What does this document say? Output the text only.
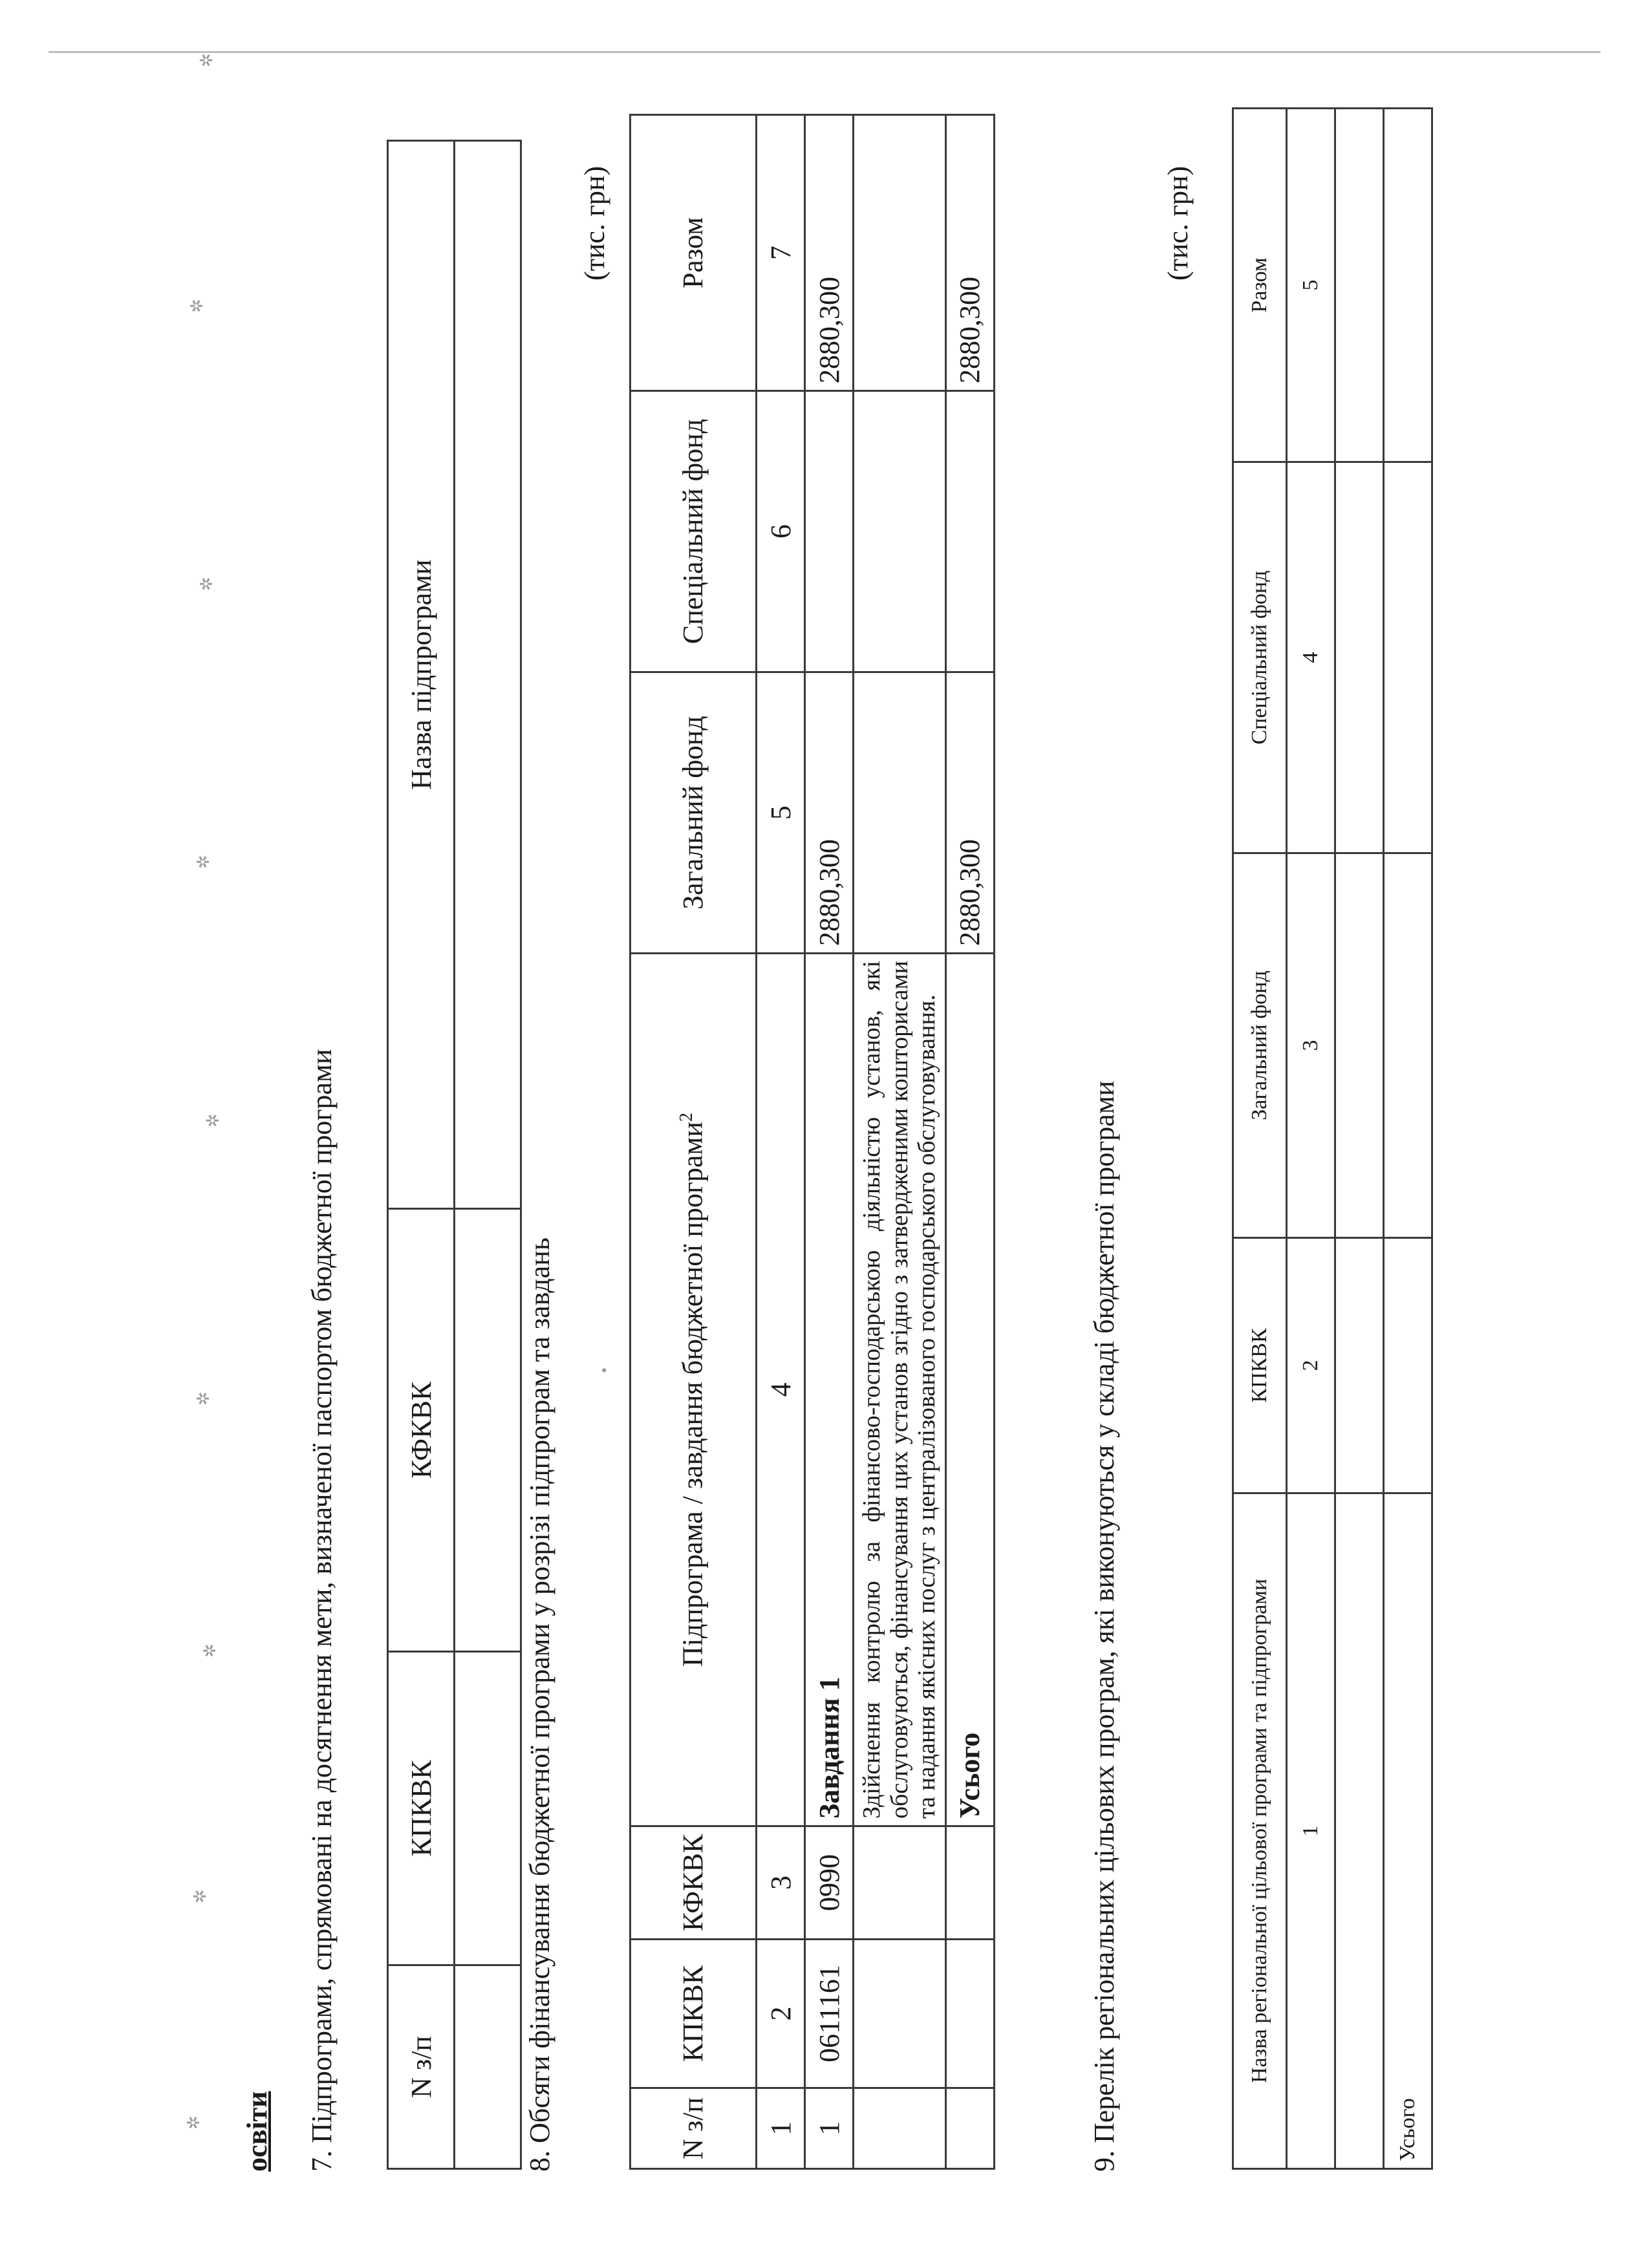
освіти 7. Підпрограми, спрямовані на досягнення мети, визначеної паспортом бюджетної програми N з/п	КПКВК	КФКВК	Назва підпрограми

8. Обсяги фінансування бюджетної програми у розрізі підпрограм та завдань
(тис. грн)
N з/п	КПКВК	КФКВК	Підпрограма / завдання бюджетної програми$^2$	Загальний фонд	Спеціальний фонд	Разом
1	2	3	4	5	6	7
1	0611161	0990	Завдання 1	2880,300		2880,300
			Здійснення контролю за фінансово-господарською діяльністю установ, які обслуговуються, фінансування цих установ згідно з затвердженими кошторисами та надання якісних послуг з централізованого господарського обслуговування.			
			Усього	2880,300		2880,300
9. Перелік регіональних цільових програм, які виконуються у складі бюджетної програми
(тис. грн)
Назва регіональної цільової програми та підпрограми	КПКВК	Загальний фонд	Спеціальний фонд	Разом
1	2	3	4	5

Усього				
✲
✲
✲
✲
✲
✲
✲
✲
✲
•
